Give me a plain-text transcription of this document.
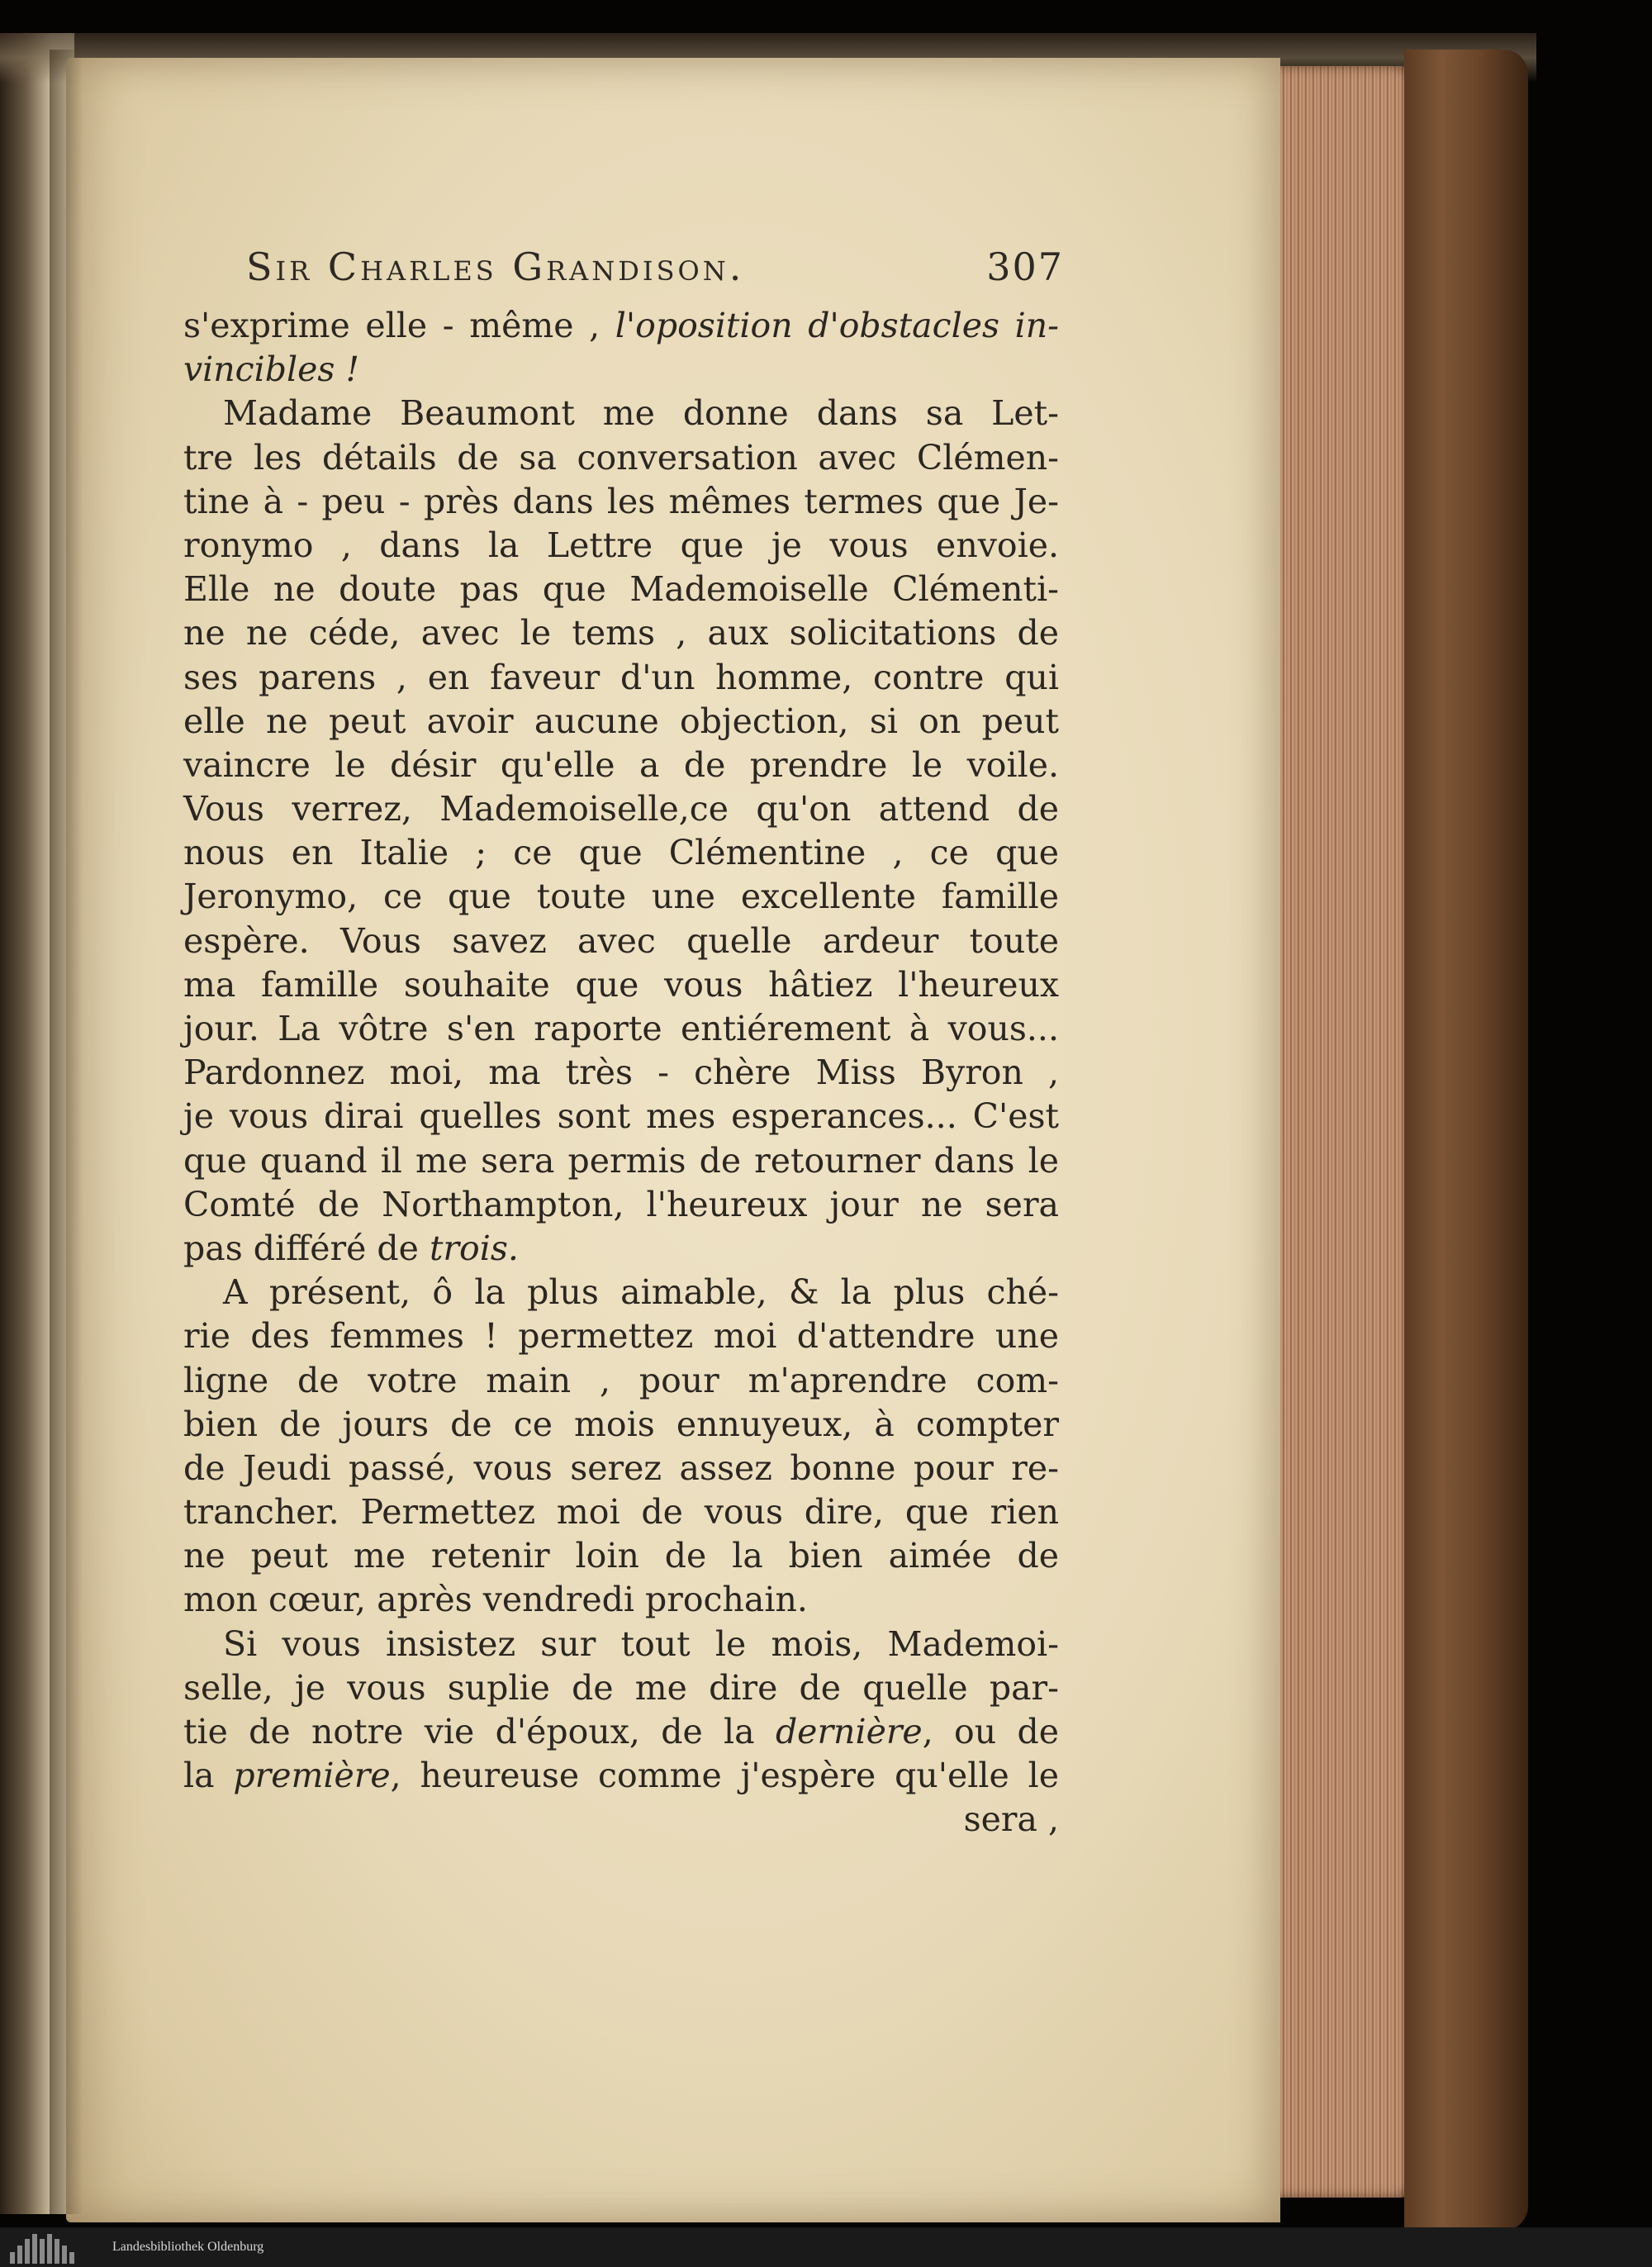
Sir Charles Grandison.	307
s'exprime elle - même , l'oposition d'obstacles in-
vincibles !
Madame Beaumont me donne dans sa Let-
tre les détails de sa conversation avec Clémen-
tine à - peu - près dans les mêmes termes que Je-
ronymo , dans la Lettre que je vous envoie.
Elle ne doute pas que Mademoiselle Clémenti-
ne ne céde, avec le tems , aux solicitations de
ses parens , en faveur d'un homme, contre qui
elle ne peut avoir aucune objection, si on peut
vaincre le désir qu'elle a de prendre le voile.
Vous verrez, Mademoiselle,ce qu'on attend de
nous en Italie ; ce que Clémentine , ce que
Jeronymo, ce que toute une excellente famille
espère. Vous savez avec quelle ardeur toute
ma famille souhaite que vous hâtiez l'heureux
jour. La vôtre s'en raporte entiérement à vous...
Pardonnez moi, ma très - chère Miss Byron ,
je vous dirai quelles sont mes esperances... C'est
que quand il me sera permis de retourner dans le
Comté de Northampton, l'heureux jour ne sera
pas différé de trois.
A présent, ô la plus aimable, & la plus ché-
rie des femmes ! permettez moi d'attendre une
ligne de votre main , pour m'aprendre com-
bien de jours de ce mois ennuyeux, à compter
de Jeudi passé, vous serez assez bonne pour re-
trancher. Permettez moi de vous dire, que rien
ne peut me retenir loin de la bien aimée de
mon cœur, après vendredi prochain.
Si vous insistez sur tout le mois, Mademoi-
selle, je vous suplie de me dire de quelle par-
tie de notre vie d'époux, de la dernière, ou de
la première, heureuse comme j'espère qu'elle le
sera ,
Landesbibliothek Oldenburg
